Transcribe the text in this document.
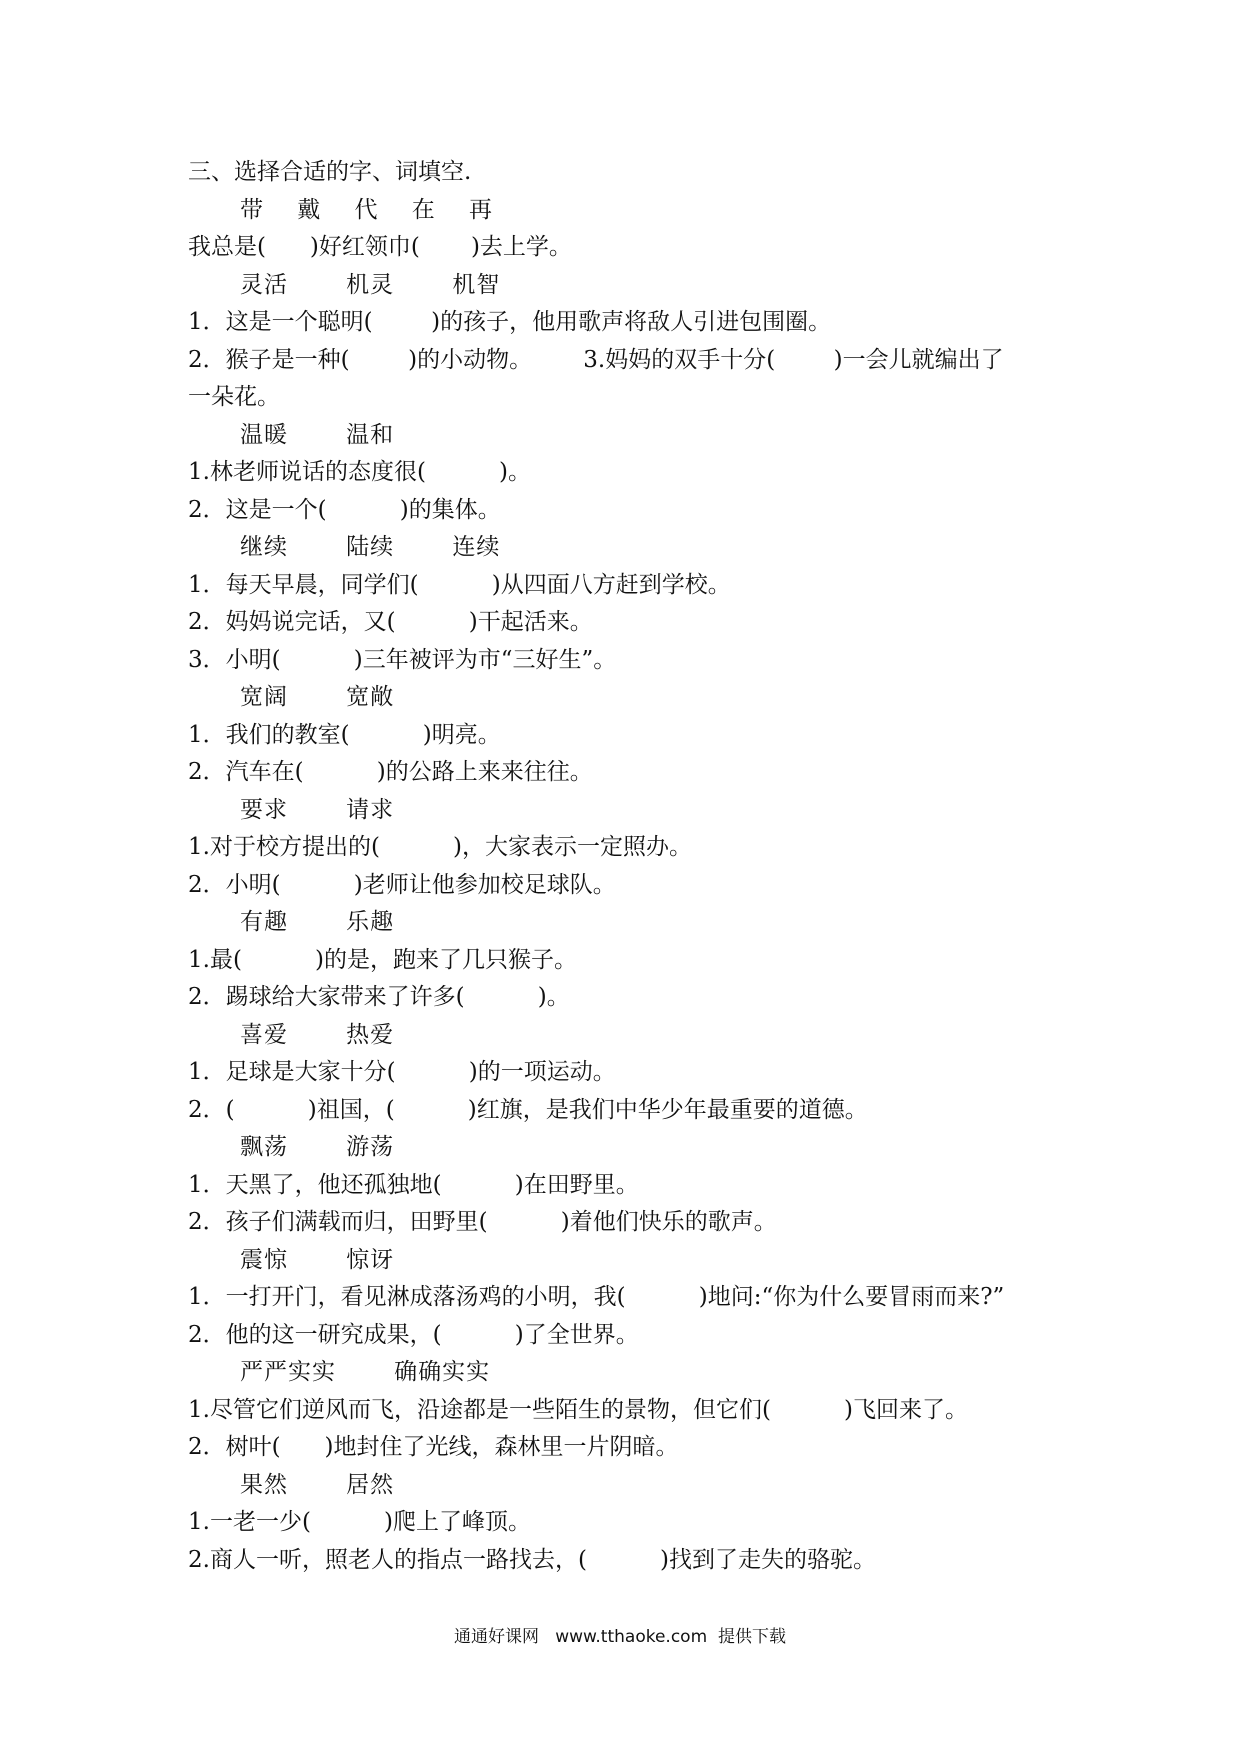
三、选择合适的字、词填空.
带    戴    代    在    再
我总是(      )好红领巾(       )去上学。
灵活       机灵       机智
1．这是一个聪明(        )的孩子，他用歌声将敌人引进包围圈。
2．猴子是一种(        )的小动物。       3.妈妈的双手十分(        )一会儿就编出了
一朵花。
温暖       温和
1.林老师说话的态度很(          )。
2．这是一个(          )的集体。
继续       陆续       连续
1．每天早晨，同学们(          )从四面八方赶到学校。
2．妈妈说完话，又(          )干起活来。
3．小明(          )三年被评为市“三好生”。
宽阔       宽敞
1．我们的教室(          )明亮。
2．汽车在(          )的公路上来来往往。
要求       请求
1.对于校方提出的(          )，大家表示一定照办。
2．小明(          )老师让他参加校足球队。
有趣       乐趣
1.最(          )的是，跑来了几只猴子。
2．踢球给大家带来了许多(          )。
喜爱       热爱
1．足球是大家十分(          )的一项运动。
2．(          )祖国，(          )红旗，是我们中华少年最重要的道德。
飘荡       游荡
1．天黑了，他还孤独地(          )在田野里。
2．孩子们满载而归，田野里(          )着他们快乐的歌声。
震惊       惊讶
1．一打开门，看见淋成落汤鸡的小明，我(          )地问:“你为什么要冒雨而来?”
2．他的这一研究成果，(          )了全世界。
严严实实       确确实实
1.尽管它们逆风而飞，沿途都是一些陌生的景物，但它们(          )飞回来了。
2．树叶(      )地封住了光线，森林里一片阴暗。
果然       居然
1.一老一少(          )爬上了峰顶。
2.商人一听，照老人的指点一路找去，(          )找到了走失的骆驼。
通通好课网   www.tthaoke.com  提供下载
